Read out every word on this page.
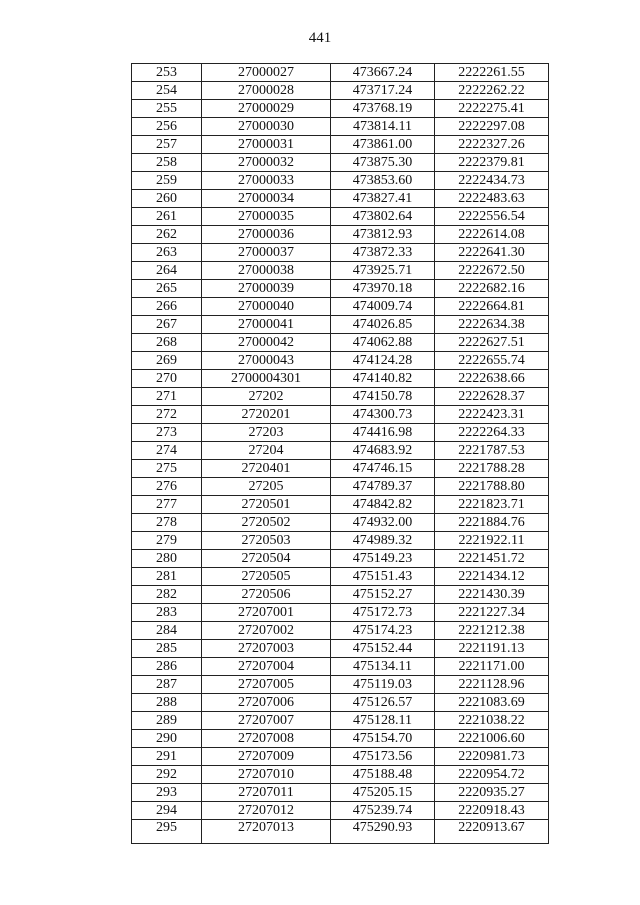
441
253	27000027	473667.24	2222261.55
254	27000028	473717.24	2222262.22
255	27000029	473768.19	2222275.41
256	27000030	473814.11	2222297.08
257	27000031	473861.00	2222327.26
258	27000032	473875.30	2222379.81
259	27000033	473853.60	2222434.73
260	27000034	473827.41	2222483.63
261	27000035	473802.64	2222556.54
262	27000036	473812.93	2222614.08
263	27000037	473872.33	2222641.30
264	27000038	473925.71	2222672.50
265	27000039	473970.18	2222682.16
266	27000040	474009.74	2222664.81
267	27000041	474026.85	2222634.38
268	27000042	474062.88	2222627.51
269	27000043	474124.28	2222655.74
270	2700004301	474140.82	2222638.66
271	27202	474150.78	2222628.37
272	2720201	474300.73	2222423.31
273	27203	474416.98	2222264.33
274	27204	474683.92	2221787.53
275	2720401	474746.15	2221788.28
276	27205	474789.37	2221788.80
277	2720501	474842.82	2221823.71
278	2720502	474932.00	2221884.76
279	2720503	474989.32	2221922.11
280	2720504	475149.23	2221451.72
281	2720505	475151.43	2221434.12
282	2720506	475152.27	2221430.39
283	27207001	475172.73	2221227.34
284	27207002	475174.23	2221212.38
285	27207003	475152.44	2221191.13
286	27207004	475134.11	2221171.00
287	27207005	475119.03	2221128.96
288	27207006	475126.57	2221083.69
289	27207007	475128.11	2221038.22
290	27207008	475154.70	2221006.60
291	27207009	475173.56	2220981.73
292	27207010	475188.48	2220954.72
293	27207011	475205.15	2220935.27
294	27207012	475239.74	2220918.43
295	27207013	475290.93	2220913.67
